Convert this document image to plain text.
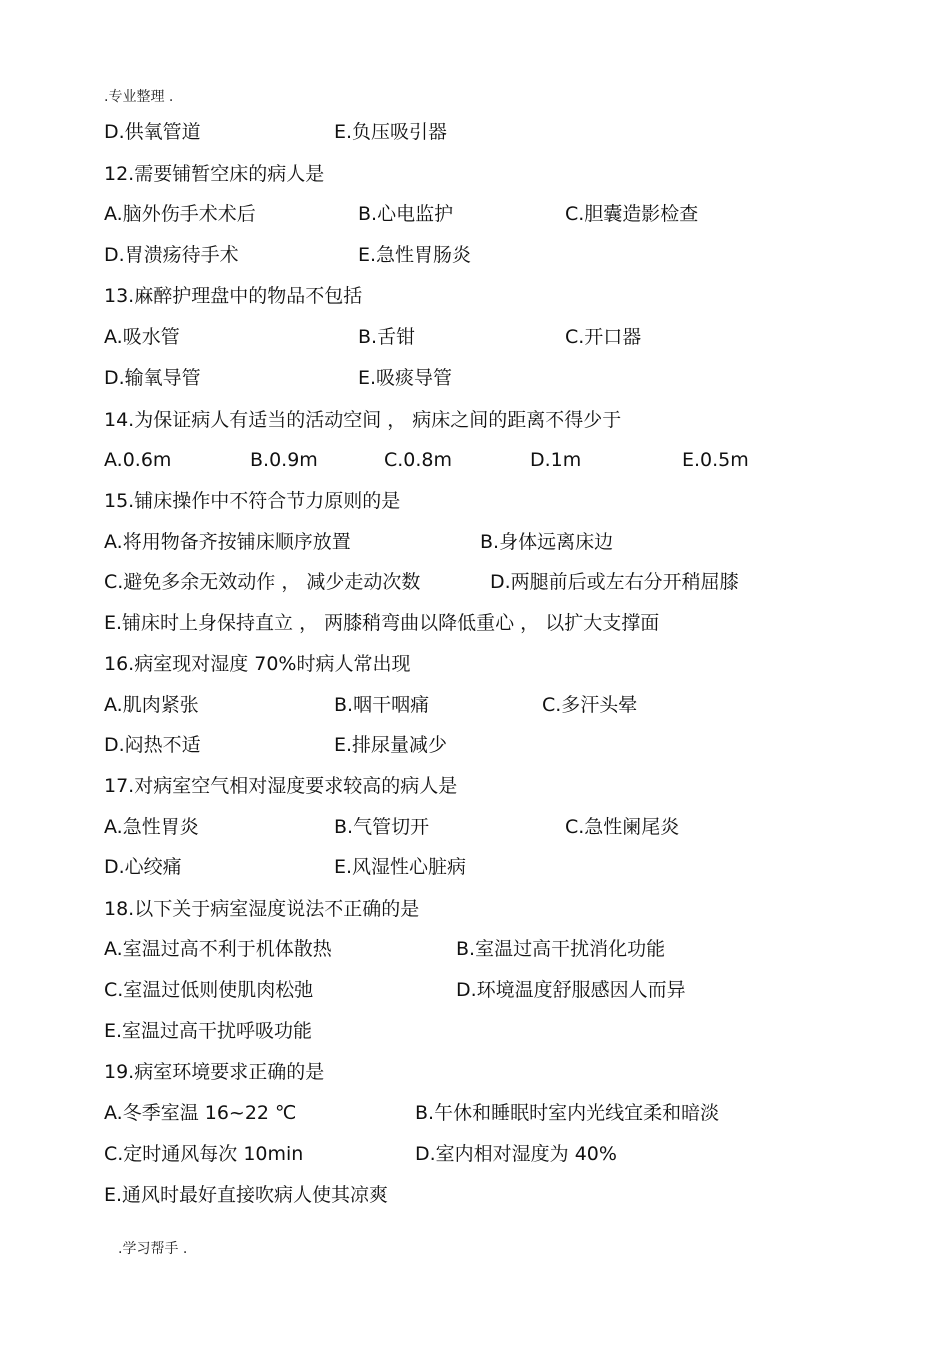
.专业整理 .
D.供氧管道	E.负压吸引器
12.需要铺暂空床的病人是
A.脑外伤手术术后	B.心电监护	C.胆囊造影检查
D.胃溃疡待手术	E.急性胃肠炎
13.麻醉护理盘中的物品不包括
A.吸水管	B.舌钳	C.开口器
D.输氧导管	E.吸痰导管
14.为保证病人有适当的活动空间 ， 病床之间的距离不得少于
A.0.6m	B.0.9m	C.0.8m	D.1m	E.0.5m
15.铺床操作中不符合节力原则的是
A.将用物备齐按铺床顺序放置	B.身体远离床边
C.避免多余无效动作 ， 减少走动次数	D.两腿前后或左右分开稍屈膝
E.铺床时上身保持直立 ， 两膝稍弯曲以降低重心 ， 以扩大支撑面
16.病室现对湿度 70%时病人常出现
A.肌肉紧张	B.咽干咽痛	C.多汗头晕
D.闷热不适	E.排尿量减少
17.对病室空气相对湿度要求较高的病人是
A.急性胃炎	B.气管切开	C.急性阑尾炎
D.心绞痛	E.风湿性心脏病
18.以下关于病室湿度说法不正确的是
A.室温过高不利于机体散热	B.室温过高干扰消化功能
C.室温过低则使肌肉松弛	D.环境温度舒服感因人而异
E.室温过高干扰呼吸功能
19.病室环境要求正确的是
A.冬季室温 16~22 ℃	B.午休和睡眠时室内光线宜柔和暗淡
C.定时通风每次 10min	D.室内相对湿度为 40%
E.通风时最好直接吹病人使其凉爽
.学习帮手 .
